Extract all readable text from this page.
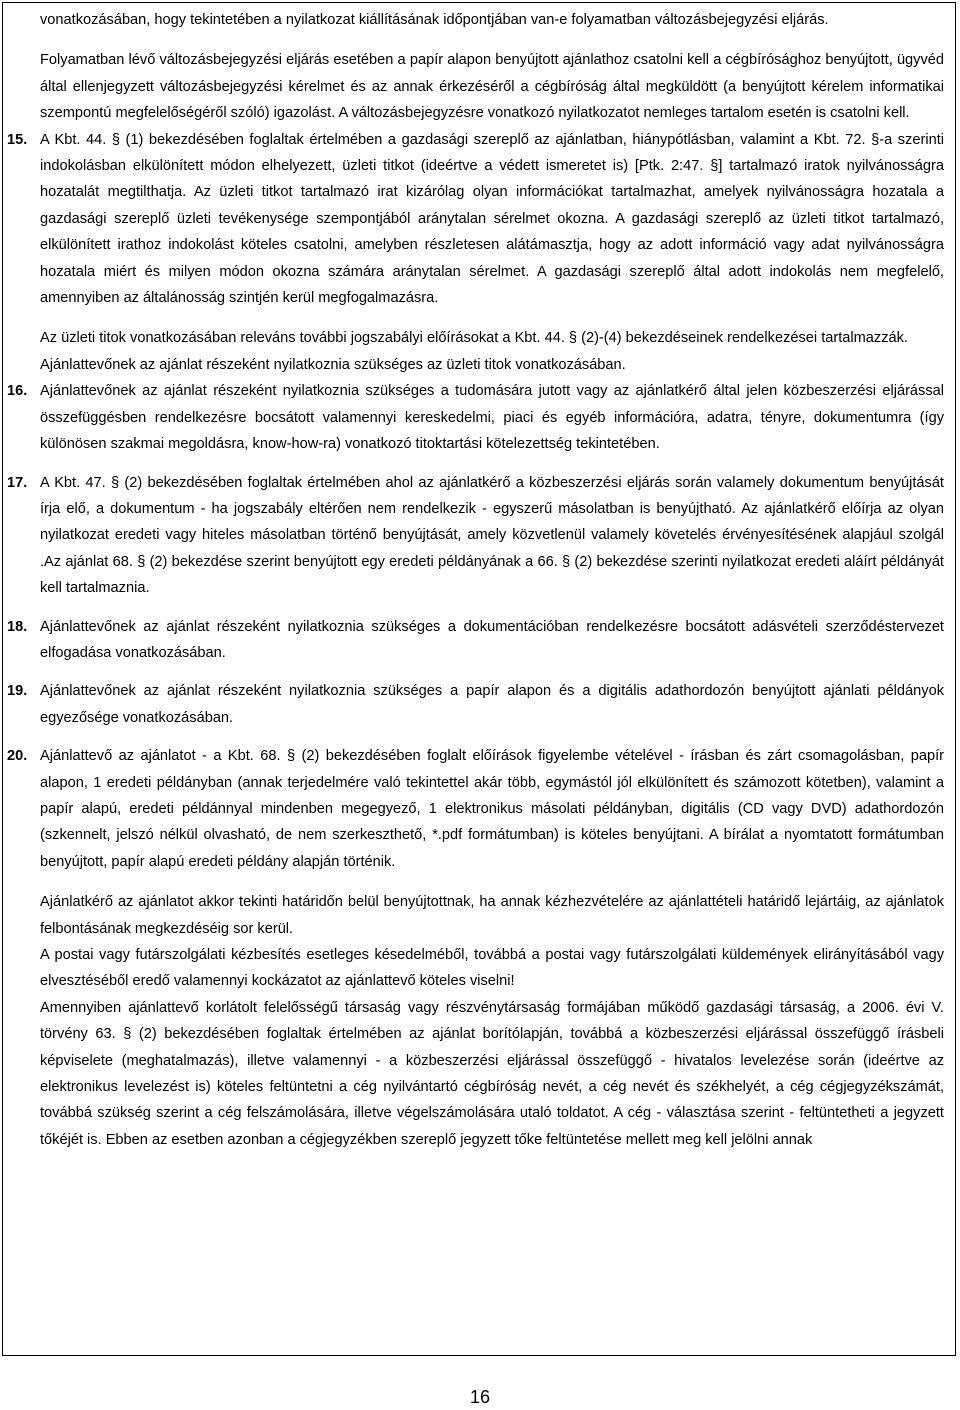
vonatkozásában, hogy tekintetében a nyilatkozat kiállításának időpontjában van-e folyamatban változásbejegyzési eljárás.

Folyamatban lévő változásbejegyzési eljárás esetében a papír alapon benyújtott ajánlathoz csatolni kell a cégbírósághoz benyújtott, ügyvéd által ellenjegyzett változásbejegyzési kérelmet és az annak érkezéséről a cégbíróság által megküldött (a benyújtott kérelem informatikai szempontú megfelelőségéről szóló) igazolást. A változásbejegyzésre vonatkozó nyilatkozatot nemleges tartalom esetén is csatolni kell.

15. A Kbt. 44. § (1) bekezdésében foglaltak értelmében a gazdasági szereplő az ajánlatban, hiánypótlásban, valamint a Kbt. 72. §-a szerinti indokolásban elkülönített módon elhelyezett, üzleti titkot (ideértve a védett ismeretet is) [Ptk. 2:47. §] tartalmazó iratok nyilvánosságra hozatalát megtilthatja. Az üzleti titkot tartalmazó irat kizárólag olyan információkat tartalmazhat, amelyek nyilvánosságra hozatala a gazdasági szereplő üzleti tevékenysége szempontjából aránytalan sérelmet okozna. A gazdasági szereplő az üzleti titkot tartalmazó, elkülönített irathoz indokolást köteles csatolni, amelyben részletesen alátámasztja, hogy az adott információ vagy adat nyilvánosságra hozatala miért és milyen módon okozna számára aránytalan sérelmet. A gazdasági szereplő által adott indokolás nem megfelelő, amennyiben az általánosság szintjén kerül megfogalmazásra.

Az üzleti titok vonatkozásában releváns további jogszabályi előírásokat a Kbt. 44. § (2)-(4) bekezdéseinek rendelkezései tartalmazzák.

Ajánlattevőnek az ajánlat részeként nyilatkoznia szükséges az üzleti titok vonatkozásában.

16. Ajánlattevőnek az ajánlat részeként nyilatkoznia szükséges a tudomására jutott vagy az ajánlatkérő által jelen közbeszerzési eljárással összefüggésben rendelkezésre bocsátott valamennyi kereskedelmi, piaci és egyéb információra, adatra, tényre, dokumentumra (így különösen szakmai megoldásra, know-how-ra) vonatkozó titoktartási kötelezettség tekintetében.

17. A Kbt. 47. § (2) bekezdésében foglaltak értelmében ahol az ajánlatkérő a közbeszerzési eljárás során valamely dokumentum benyújtását írja elő, a dokumentum - ha jogszabály eltérően nem rendelkezik - egyszerű másolatban is benyújtható. Az ajánlatkérő előírja az olyan nyilatkozat eredeti vagy hiteles másolatban történő benyújtását, amely közvetlenül valamely követelés érvényesítésének alapjául szolgál .Az ajánlat 68. § (2) bekezdése szerint benyújtott egy eredeti példányának a 66. § (2) bekezdése szerinti nyilatkozat eredeti aláírt példányát kell tartalmaznia.

18. Ajánlattevőnek az ajánlat részeként nyilatkoznia szükséges a dokumentációban rendelkezésre bocsátott adásvételi szerződéstervezet elfogadása vonatkozásában.

19. Ajánlattevőnek az ajánlat részeként nyilatkoznia szükséges a papír alapon és a digitális adathordozón benyújtott ajánlati példányok egyezősége vonatkozásában.

20. Ajánlattevő az ajánlatot - a Kbt. 68. § (2) bekezdésében foglalt előírások figyelembe vételével - írásban és zárt csomagolásban, papír alapon, 1 eredeti példányban (annak terjedelmére való tekintettel akár több, egymástól jól elkülönített és számozott kötetben), valamint a papír alapú, eredeti példánnyal mindenben megegyező, 1 elektronikus másolati példányban, digitális (CD vagy DVD) adathordozón (szkennelt, jelszó nélkül olvasható, de nem szerkeszthető, *.pdf formátumban) is köteles benyújtani. A bírálat a nyomtatott formátumban benyújtott, papír alapú eredeti példány alapján történik.

Ajánlatkérő az ajánlatot akkor tekinti határidőn belül benyújtottnak, ha annak kézhezvételére az ajánlattételi határidő lejártáig, az ajánlatok felbontásának megkezdéséig sor kerül.

A postai vagy futárszolgálati kézbesítés esetleges késedelméből, továbbá a postai vagy futárszolgálati küldemények elirányításából vagy elvesztéséből eredő valamennyi kockázatot az ajánlattevő köteles viselni!

Amennyiben ajánlattevő korlátolt felelősségű társaság vagy részvénytársaság formájában működő gazdasági társaság, a 2006. évi V. törvény 63. § (2) bekezdésében foglaltak értelmében az ajánlat borítólapján, továbbá a közbeszerzési eljárással összefüggő írásbeli képviselete (meghatalmazás), illetve valamennyi - a közbeszerzési eljárással összefüggő - hivatalos levelezése során (ideértve az elektronikus levelezést is) köteles feltüntetni a cég nyilvántartó cégbíróság nevét, a cég nevét és székhelyét, a cég cégjegyzékszámát, továbbá szükség szerint a cég felszámolására, illetve végelszámolására utaló toldatot. A cég - választása szerint - feltüntetheti a jegyzett tőkéjét is. Ebben az esetben azonban a cégjegyzékben szereplő jegyzett tőke feltüntetése mellett meg kell jelölni annak

16
